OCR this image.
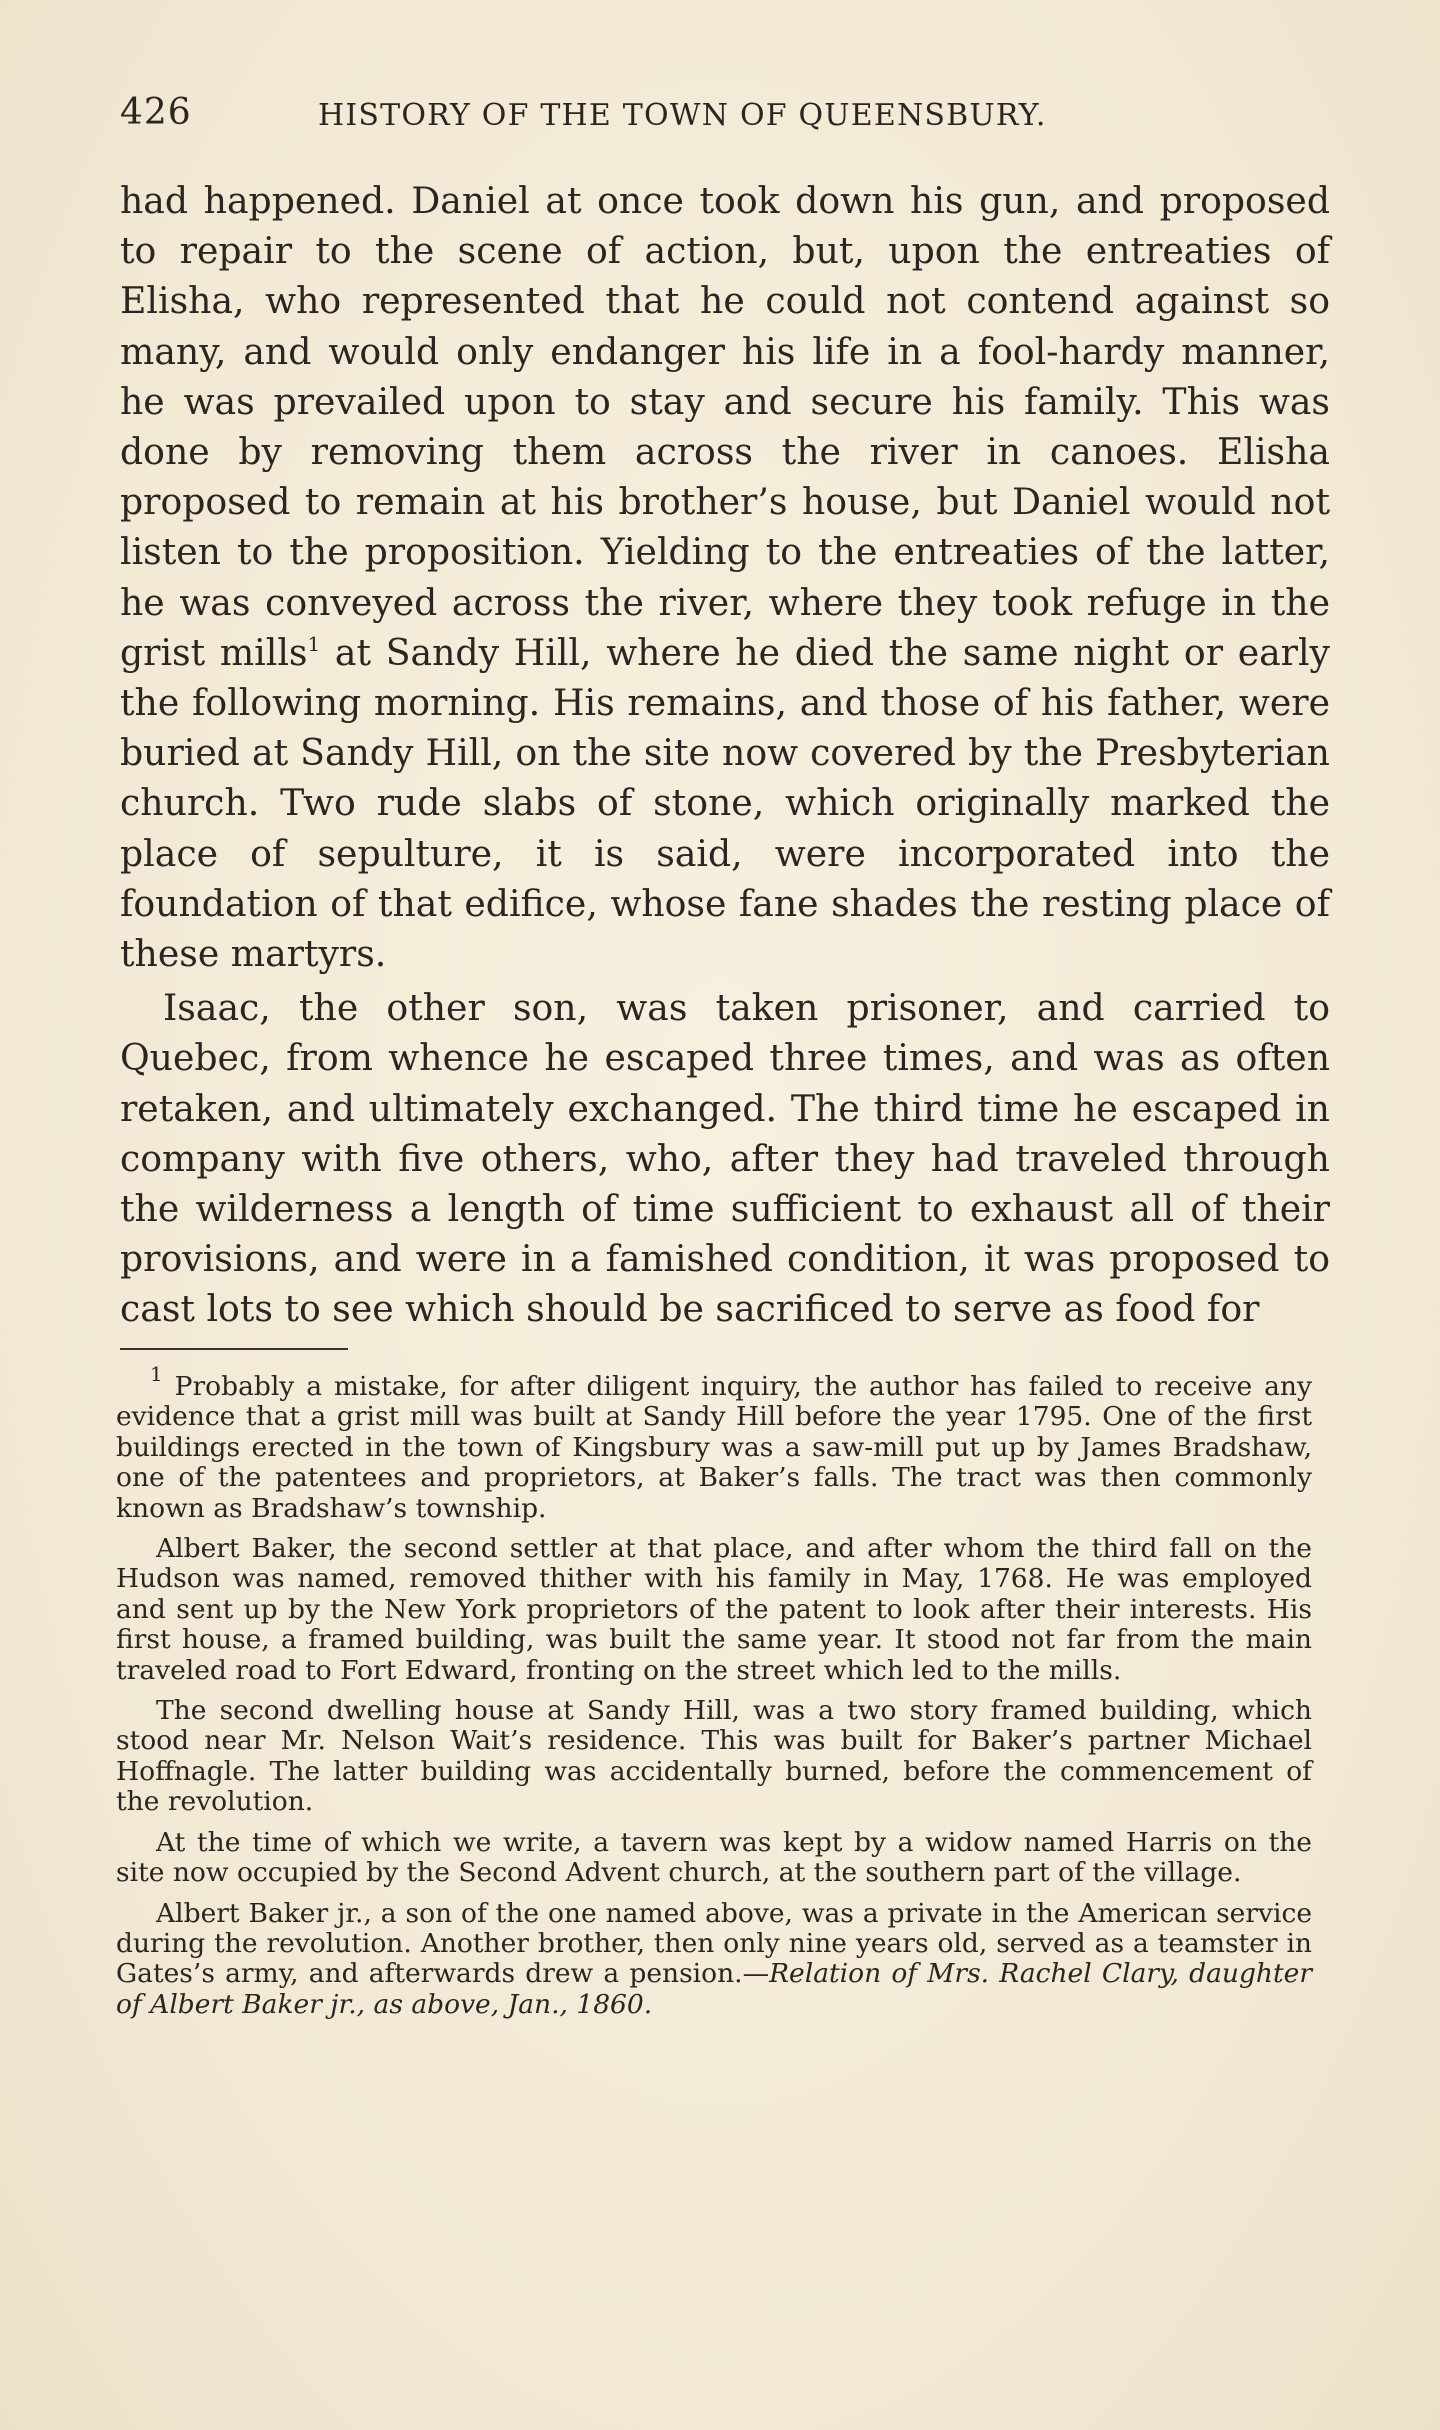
426	HISTORY OF THE TOWN OF QUEENSBURY.

had happened. Daniel at once took down his gun, and proposed to repair to the scene of action, but, upon the entreaties of Elisha, who represented that he could not contend against so many, and would only endanger his life in a fool-hardy manner, he was prevailed upon to stay and secure his family. This was done by removing them across the river in canoes. Elisha proposed to remain at his brother’s house, but Daniel would not listen to the proposition. Yielding to the entreaties of the latter, he was conveyed across the river, where they took refuge in the grist mills$^1$ at Sandy Hill, where he died the same night or early the following morning. His remains, and those of his father, were buried at Sandy Hill, on the site now covered by the Presbyterian church. Two rude slabs of stone, which originally marked the place of sepulture, it is said, were incorporated into the foundation of that edifice, whose fane shades the resting place of these martyrs.

Isaac, the other son, was taken prisoner, and carried to Quebec, from whence he escaped three times, and was as often retaken, and ultimately exchanged. The third time he escaped in company with five others, who, after they had traveled through the wilderness a length of time sufficient to exhaust all of their provisions, and were in a famished condition, it was proposed to cast lots to see which should be sacrificed to serve as food for

$^1$ Probably a mistake, for after diligent inquiry, the author has failed to receive any evidence that a grist mill was built at Sandy Hill before the year 1795. One of the first buildings erected in the town of Kingsbury was a saw-mill put up by James Bradshaw, one of the patentees and proprietors, at Baker’s falls. The tract was then commonly known as Bradshaw’s township.

Albert Baker, the second settler at that place, and after whom the third fall on the Hudson was named, removed thither with his family in May, 1768. He was employed and sent up by the New York proprietors of the patent to look after their interests. His first house, a framed building, was built the same year. It stood not far from the main traveled road to Fort Edward, fronting on the street which led to the mills.

The second dwelling house at Sandy Hill, was a two story framed building, which stood near Mr. Nelson Wait’s residence. This was built for Baker’s partner Michael Hoffnagle. The latter building was accidentally burned, before the commencement of the revolution.

At the time of which we write, a tavern was kept by a widow named Harris on the site now occupied by the Second Advent church, at the southern part of the village.

Albert Baker jr., a son of the one named above, was a private in the American service during the revolution. Another brother, then only nine years old, served as a teamster in Gates’s army, and afterwards drew a pension.—Relation of Mrs. Rachel Clary, daughter of Albert Baker jr., as above, Jan., 1860.
